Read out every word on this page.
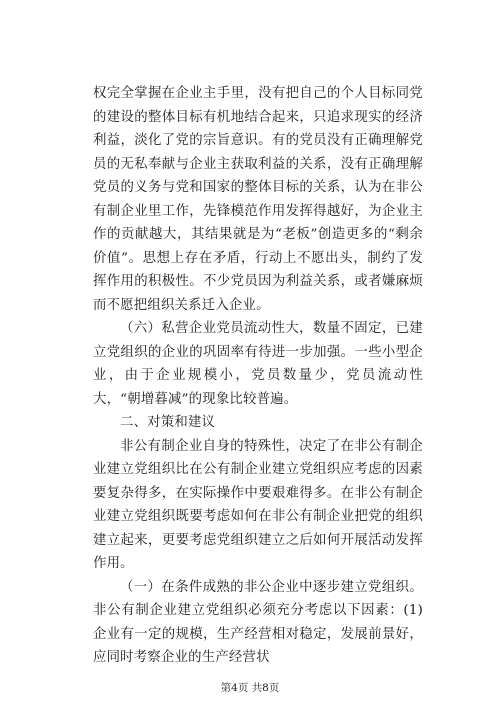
权完全掌握在企业主手里，没有把自己的个人目标同党的建设的整体目标有机地结合起来，只追求现实的经济利益，淡化了党的宗旨意识。有的党员没有正确理解党员的无私奉献与企业主获取利益的关系，没有正确理解党员的义务与党和国家的整体目标的关系，认为在非公有制企业里工作，先锋模范作用发挥得越好，为企业主作的贡献越大，其结果就是为“老板”创造更多的“剩余价值”。思想上存在矛盾，行动上不愿出头，制约了发挥作用的积极性。不少党员因为利益关系，或者嫌麻烦而不愿把组织关系迁入企业。

（六）私营企业党员流动性大，数量不固定，已建立党组织的企业的巩固率有待进一步加强。一些小型企业，由于企业规模小，党员数量少，党员流动性大，“朝增暮减”的现象比较普遍。

二、对策和建议

非公有制企业自身的特殊性，决定了在非公有制企业建立党组织比在公有制企业建立党组织应考虑的因素要复杂得多，在实际操作中要艰难得多。在非公有制企业建立党组织既要考虑如何在非公有制企业把党的组织建立起来，更要考虑党组织建立之后如何开展活动发挥作用。

（一）在条件成熟的非公企业中逐步建立党组织。非公有制企业建立党组织必须充分考虑以下因素：(1)企业有一定的规模，生产经营相对稳定，发展前景好，应同时考察企业的生产经营状

第4页 共8页
